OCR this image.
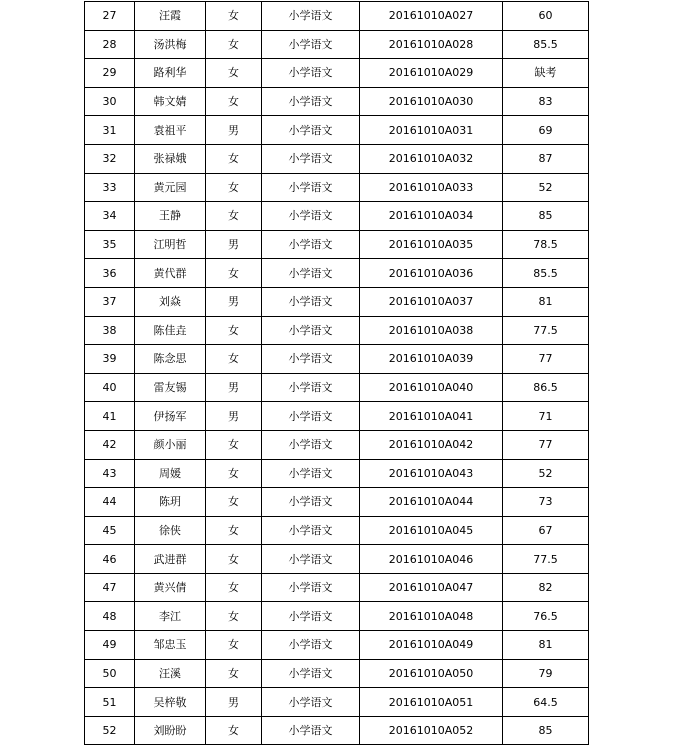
27	汪霞	女	小学语文	20161010A027	60
28	汤洪梅	女	小学语文	20161010A028	85.5
29	路利华	女	小学语文	20161010A029	缺考
30	韩文婧	女	小学语文	20161010A030	83
31	袁祖平	男	小学语文	20161010A031	69
32	张禄娥	女	小学语文	20161010A032	87
33	黄元园	女	小学语文	20161010A033	52
34	王静	女	小学语文	20161010A034	85
35	江明哲	男	小学语文	20161010A035	78.5
36	黄代群	女	小学语文	20161010A036	85.5
37	刘焱	男	小学语文	20161010A037	81
38	陈佳垚	女	小学语文	20161010A038	77.5
39	陈念思	女	小学语文	20161010A039	77
40	雷友锡	男	小学语文	20161010A040	86.5
41	伊扬军	男	小学语文	20161010A041	71
42	颜小丽	女	小学语文	20161010A042	77
43	周媛	女	小学语文	20161010A043	52
44	陈玥	女	小学语文	20161010A044	73
45	徐侠	女	小学语文	20161010A045	67
46	武进群	女	小学语文	20161010A046	77.5
47	黄兴倩	女	小学语文	20161010A047	82
48	李江	女	小学语文	20161010A048	76.5
49	邹忠玉	女	小学语文	20161010A049	81
50	汪溪	女	小学语文	20161010A050	79
51	吴梓敬	男	小学语文	20161010A051	64.5
52	刘盼盼	女	小学语文	20161010A052	85
